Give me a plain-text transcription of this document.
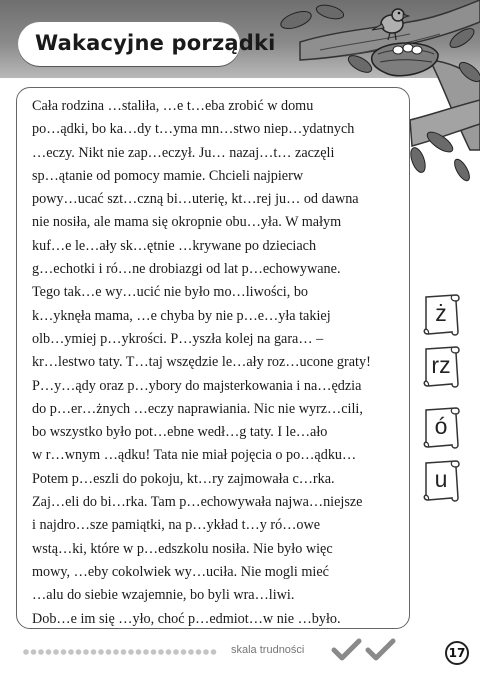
Wakacyjne porządki
Cała rodzina …staliła, …e t…eba zrobić w domu
po…ądki, bo ka…dy t…yma mn…stwo niep…ydatnych
…eczy. Nikt nie zap…eczył. Ju… nazaj…t… zaczęli
sp…ątanie od pomocy mamie. Chcieli najpierw
powy…ucać szt…czną bi…uterię, kt…rej ju… od dawna
nie nosiła, ale mama się okropnie obu…yła. W małym
kuf…e le…ały sk…ętnie …krywane po dzieciach
g…echotki i ró…ne drobiazgi od lat p…echowywane.
Tego tak…e wy…ucić nie było mo…liwości, bo
k…yknęła mama, …e chyba by nie p…e…yła takiej
olb…ymiej p…ykrości. P…yszła kolej na gara… –
kr…lestwo taty. T…taj wszędzie le…ały roz…ucone graty!
P…y…ądy oraz p…ybory do majsterkowania i na…ędzia
do p…er…żnych …eczy naprawiania. Nic nie wyrz…cili,
bo wszystko było pot…ebne wedł…g taty. I le…ało
w r…wnym …ądku! Tata nie miał pojęcia o po…ądku…
Potem p…eszli do pokoju, kt…ry zajmowała c…rka.
Zaj…eli do bi…rka. Tam p…echowywała najwa…niejsze
i najdro…sze pamiątki, na p…ykład t…y ró…owe
wstą…ki, które w p…edszkolu nosiła. Nie było więc
mowy, …eby cokolwiek wy…uciła. Nie mogli mieć
…alu do siebie wzajemnie, bo byli wra…liwi.
Dob…e im się …yło, choć p…edmiot…w nie …było.
ż
rz
ó
u
skala trudności	17
